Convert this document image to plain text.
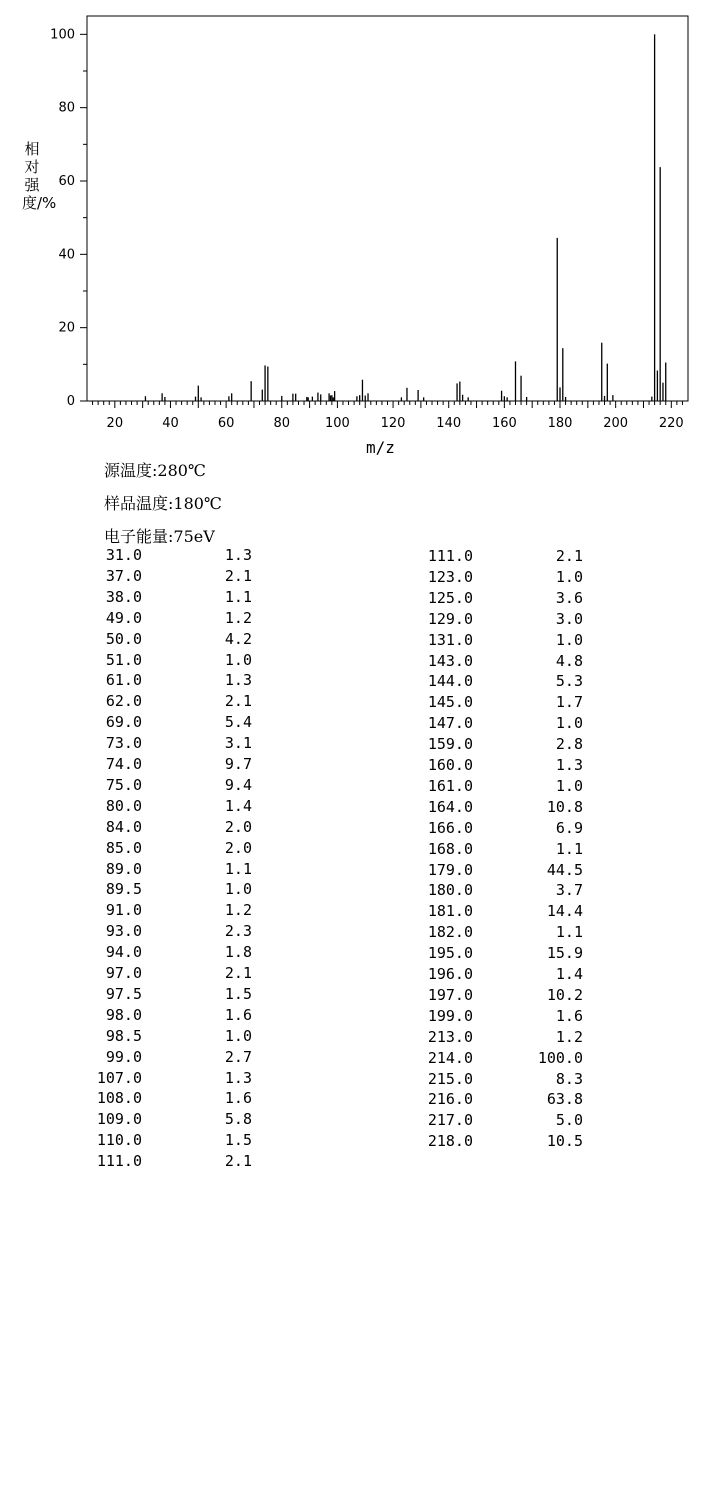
20	40	60	80	100 120 140 160 180 200 220
0
20
40
60
80
100
相对强度/%
m/z
源温度:280℃
样品温度:180℃
电子能量:75eV
31.0	1.3
37.0	2.1
38.0	1.1
49.0	1.2
50.0	4.2
51.0	1.0
61.0	1.3
62.0	2.1
69.0	5.4
73.0	3.1
74.0	9.7
75.0	9.4
80.0	1.4
84.0	2.0
85.0	2.0
89.0	1.1
89.5	1.0
91.0	1.2
93.0	2.3
94.0	1.8
97.0	2.1
97.5	1.5
98.0	1.6
98.5	1.0
99.0	2.7
107.0	1.3
108.0	1.6
109.0	5.8
110.0	1.5
111.0	2.1
111.0	2.1
123.0	1.0
125.0	3.6
129.0	3.0
131.0	1.0
143.0	4.8
144.0	5.3
145.0	1.7
147.0	1.0
159.0	2.8
160.0	1.3
161.0	1.0
164.0	10.8
166.0	6.9
168.0	1.1
179.0	44.5
180.0	3.7
181.0	14.4
182.0	1.1
195.0	15.9
196.0	1.4
197.0	10.2
199.0	1.6
213.0	1.2
214.0	100.0
215.0	8.3
216.0	63.8
217.0	5.0
218.0	10.5
